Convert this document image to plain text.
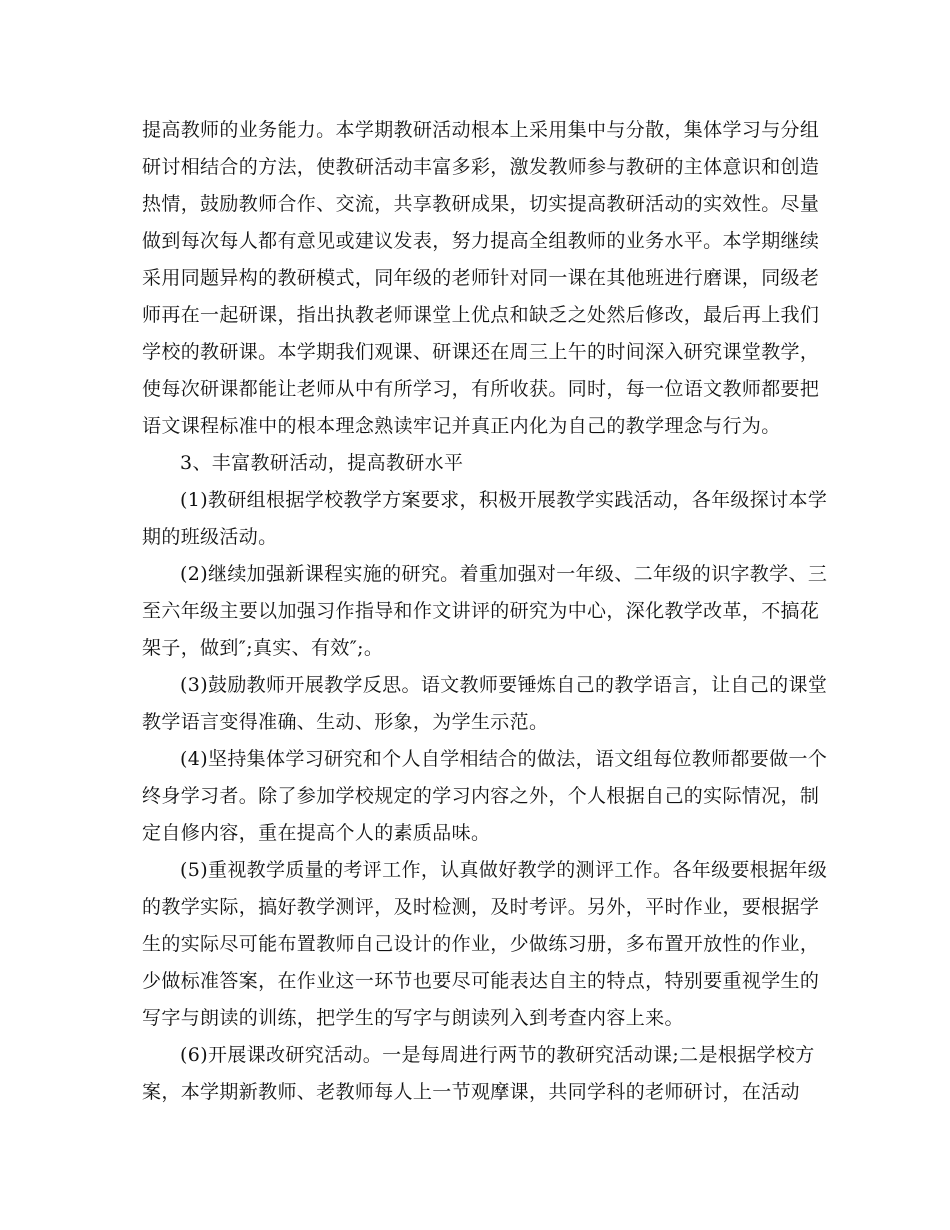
提高教师的业务能力。本学期教研活动根本上采用集中与分散，集体学习与分组
研讨相结合的方法，使教研活动丰富多彩，激发教师参与教研的主体意识和创造
热情，鼓励教师合作、交流，共享教研成果，切实提高教研活动的实效性。尽量
做到每次每人都有意见或建议发表，努力提高全组教师的业务水平。本学期继续
采用同题异构的教研模式，同年级的老师针对同一课在其他班进行磨课，同级老
师再在一起研课，指出执教老师课堂上优点和缺乏之处然后修改，最后再上我们
学校的教研课。本学期我们观课、研课还在周三上午的时间深入研究课堂教学，
使每次研课都能让老师从中有所学习，有所收获。同时，每一位语文教师都要把
语文课程标准中的根本理念熟读牢记并真正内化为自己的教学理念与行为。
3、丰富教研活动，提高教研水平
(1)教研组根据学校教学方案要求，积极开展教学实践活动，各年级探讨本学
期的班级活动。
(2)继续加强新课程实施的研究。着重加强对一年级、二年级的识字教学、三
至六年级主要以加强习作指导和作文讲评的研究为中心，深化教学改革，不搞花
架子，做到″;真实、有效″;。
(3)鼓励教师开展教学反思。语文教师要锤炼自己的教学语言，让自己的课堂
教学语言变得准确、生动、形象，为学生示范。
(4)坚持集体学习研究和个人自学相结合的做法，语文组每位教师都要做一个
终身学习者。除了参加学校规定的学习内容之外，个人根据自己的实际情况，制
定自修内容，重在提高个人的素质品味。
(5)重视教学质量的考评工作，认真做好教学的测评工作。各年级要根据年级
的教学实际，搞好教学测评，及时检测，及时考评。另外，平时作业，要根据学
生的实际尽可能布置教师自己设计的作业，少做练习册，多布置开放性的作业，
少做标准答案，在作业这一环节也要尽可能表达自主的特点，特别要重视学生的
写字与朗读的训练，把学生的写字与朗读列入到考查内容上来。
(6)开展课改研究活动。一是每周进行两节的教研究活动课;二是根据学校方
案，本学期新教师、老教师每人上一节观摩课，共同学科的老师研讨，在活动
